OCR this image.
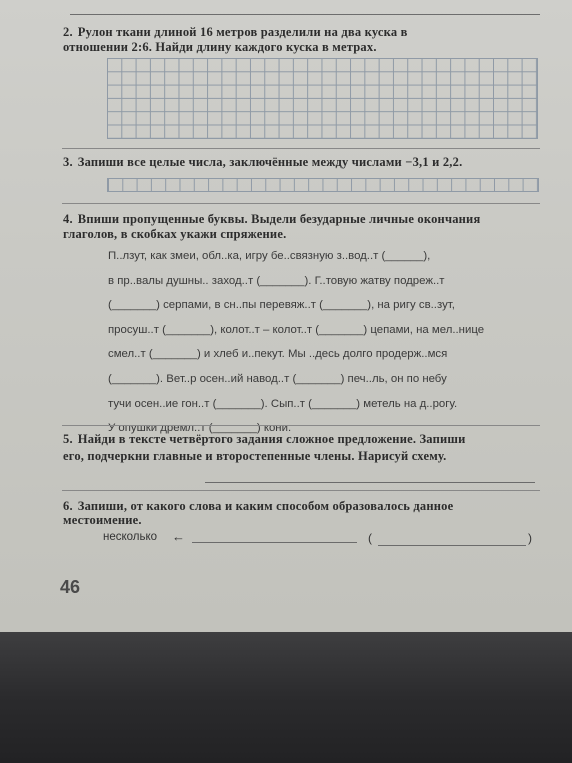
2. Рулон ткани длиной 16 метров разделили на два куска в
отношении 2:6. Найди длину каждого куска в метрах.
3. Запиши все целые числа, заключённые между числами −3,1 и 2,2.
4. Впиши пропущенные буквы. Выдели безударные личные окончания
глаголов, в скобках укажи спряжение.
П..лзут, как змеи, обл..ка, игру бе..связную з..вод..т (______),
в пр..валы душны.. заход..т (_______). Г..товую жатву подреж..т
(_______) серпами, в сн..пы перевяж..т (_______), на ригу св..зут,
просуш..т (_______), колот..т – колот..т (_______) цепами, на мел..нице
смел..т (_______) и хлеб и..пекут. Мы ..десь долго продерж..мся
(_______). Вет..р осен..ий навод..т (_______) печ..ль, он по небу
тучи осен..ие гон..т (_______). Сып..т (_______) метель на д..рогу.
У опушки дремл..т (_______) кони.
5. Найди в тексте четвёртого задания сложное предложение. Запиши
его, подчеркни главные и второстепенные члены. Нарисуй схему.
6. Запиши, от какого слова и каким способом образовалось данное
местоимение.
несколько ←	(	)
46
